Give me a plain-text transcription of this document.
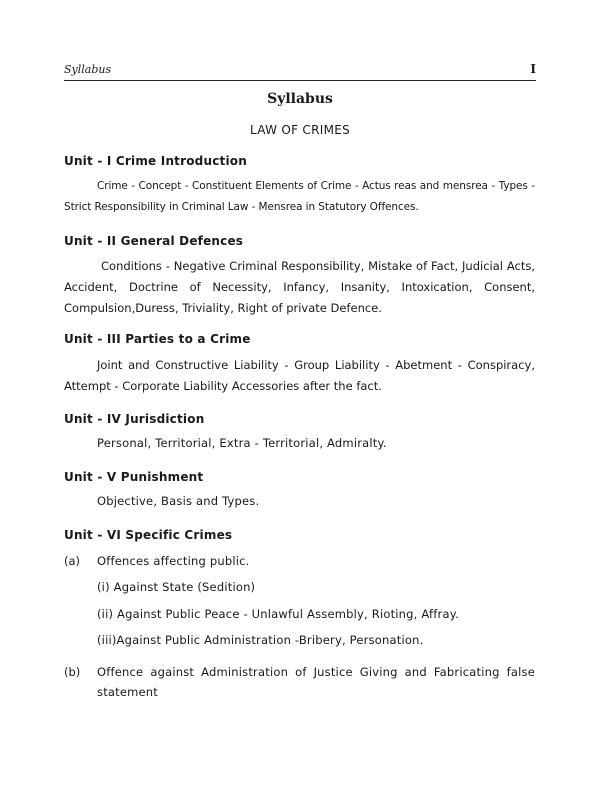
Syllabus	I
Syllabus
LAW OF CRIMES
Unit - I Crime Introduction
Crime - Concept - Constituent Elements of Crime - Actus reas and mensrea - Types - Strict Responsibility in Criminal Law - Mensrea in Statutory Offences.
Unit - II General Defences
Conditions - Negative Criminal Responsibility, Mistake of Fact, Judicial Acts, Accident, Doctrine of Necessity, Infancy, Insanity, Intoxication, Consent, Compulsion,Duress, Triviality, Right of private Defence.
Unit - III Parties to a Crime
Joint and Constructive Liability - Group Liability - Abetment - Conspiracy, Attempt - Corporate Liability Accessories after the fact.
Unit - IV Jurisdiction
Personal, Territorial, Extra - Territorial, Admiralty.
Unit - V Punishment
Objective, Basis and Types.
Unit - VI Specific Crimes
(a) Offences affecting public.
(i) Against State (Sedition)
(ii) Against Public Peace - Unlawful Assembly, Rioting, Affray.
(iii)Against Public Administration -Bribery, Personation.
(b) Offence against Administration of Justice Giving and Fabricating false statement
